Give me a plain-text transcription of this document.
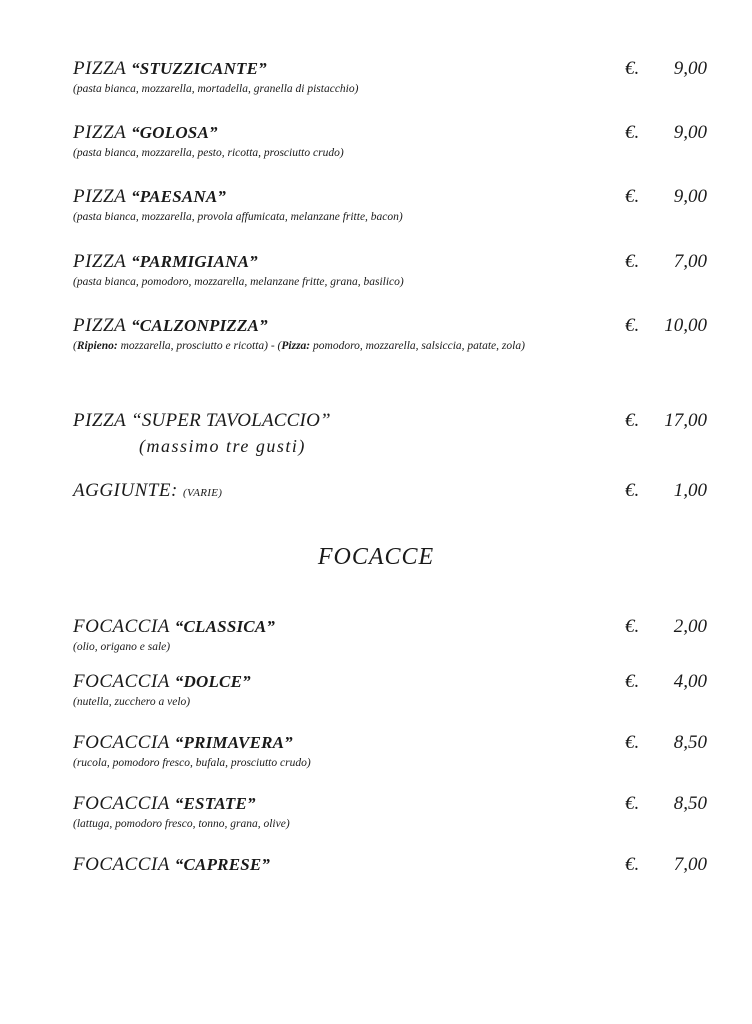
PIZZA “STUZZICANTE”	€. 9,00
(pasta bianca, mozzarella, mortadella, granella di pistacchio)
PIZZA “GOLOSA”	€. 9,00
(pasta bianca, mozzarella, pesto, ricotta, prosciutto crudo)
PIZZA “PAESANA”	€. 9,00
(pasta bianca, mozzarella, provola affumicata, melanzane fritte, bacon)
PIZZA “PARMIGIANA”	€. 7,00
(pasta bianca, pomodoro, mozzarella, melanzane fritte, grana, basilico)
PIZZA “CALZONPIZZA”	€. 10,00
(Ripieno: mozzarella, prosciutto e ricotta) - (Pizza: pomodoro, mozzarella, salsiccia, patate, zola)
PIZZA “SUPER TAVOLACCIO”	€. 17,00
(massimo tre gusti)
AGGIUNTE: (VARIE)	€. 1,00
FOCACCE
FOCACCIA “CLASSICA”	€. 2,00
(olio, origano e sale)
FOCACCIA “DOLCE”	€. 4,00
(nutella, zucchero a velo)
FOCACCIA “PRIMAVERA”	€. 8,50
(rucola, pomodoro fresco, bufala, prosciutto crudo)
FOCACCIA “ESTATE”	€. 8,50
(lattuga, pomodoro fresco, tonno, grana, olive)
FOCACCIA “CAPRESE”	€. 7,00
